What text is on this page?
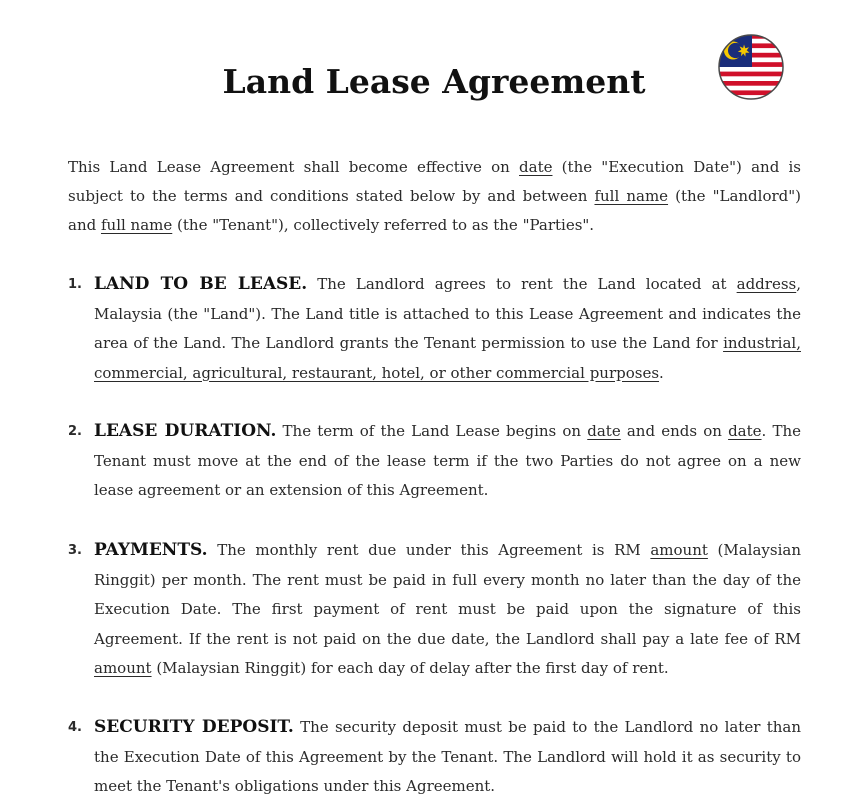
Land Lease Agreement

This Land Lease Agreement shall become effective on date (the "Execution Date") and is subject to the terms and conditions stated below by and between full name (the "Landlord") and full name (the "Tenant"), collectively referred to as the "Parties".

1. LAND TO BE LEASE. The Landlord agrees to rent the Land located at address, Malaysia (the "Land"). The Land title is attached to this Lease Agreement and indicates the area of the Land. The Landlord grants the Tenant permission to use the Land for industrial, commercial, agricultural, restaurant, hotel, or other commercial purposes.
2. LEASE DURATION. The term of the Land Lease begins on date and ends on date. The Tenant must move at the end of the lease term if the two Parties do not agree on a new lease agreement or an extension of this Agreement.
3. PAYMENTS. The monthly rent due under this Agreement is RM amount (Malaysian Ringgit) per month. The rent must be paid in full every month no later than the day of the Execution Date. The first payment of rent must be paid upon the signature of this Agreement. If the rent is not paid on the due date, the Landlord shall pay a late fee of RM amount (Malaysian Ringgit) for each day of delay after the first day of rent.
4. SECURITY DEPOSIT. The security deposit must be paid to the Landlord no later than the Execution Date of this Agreement by the Tenant. The Landlord will hold it as security to meet the Tenant's obligations under this Agreement.
